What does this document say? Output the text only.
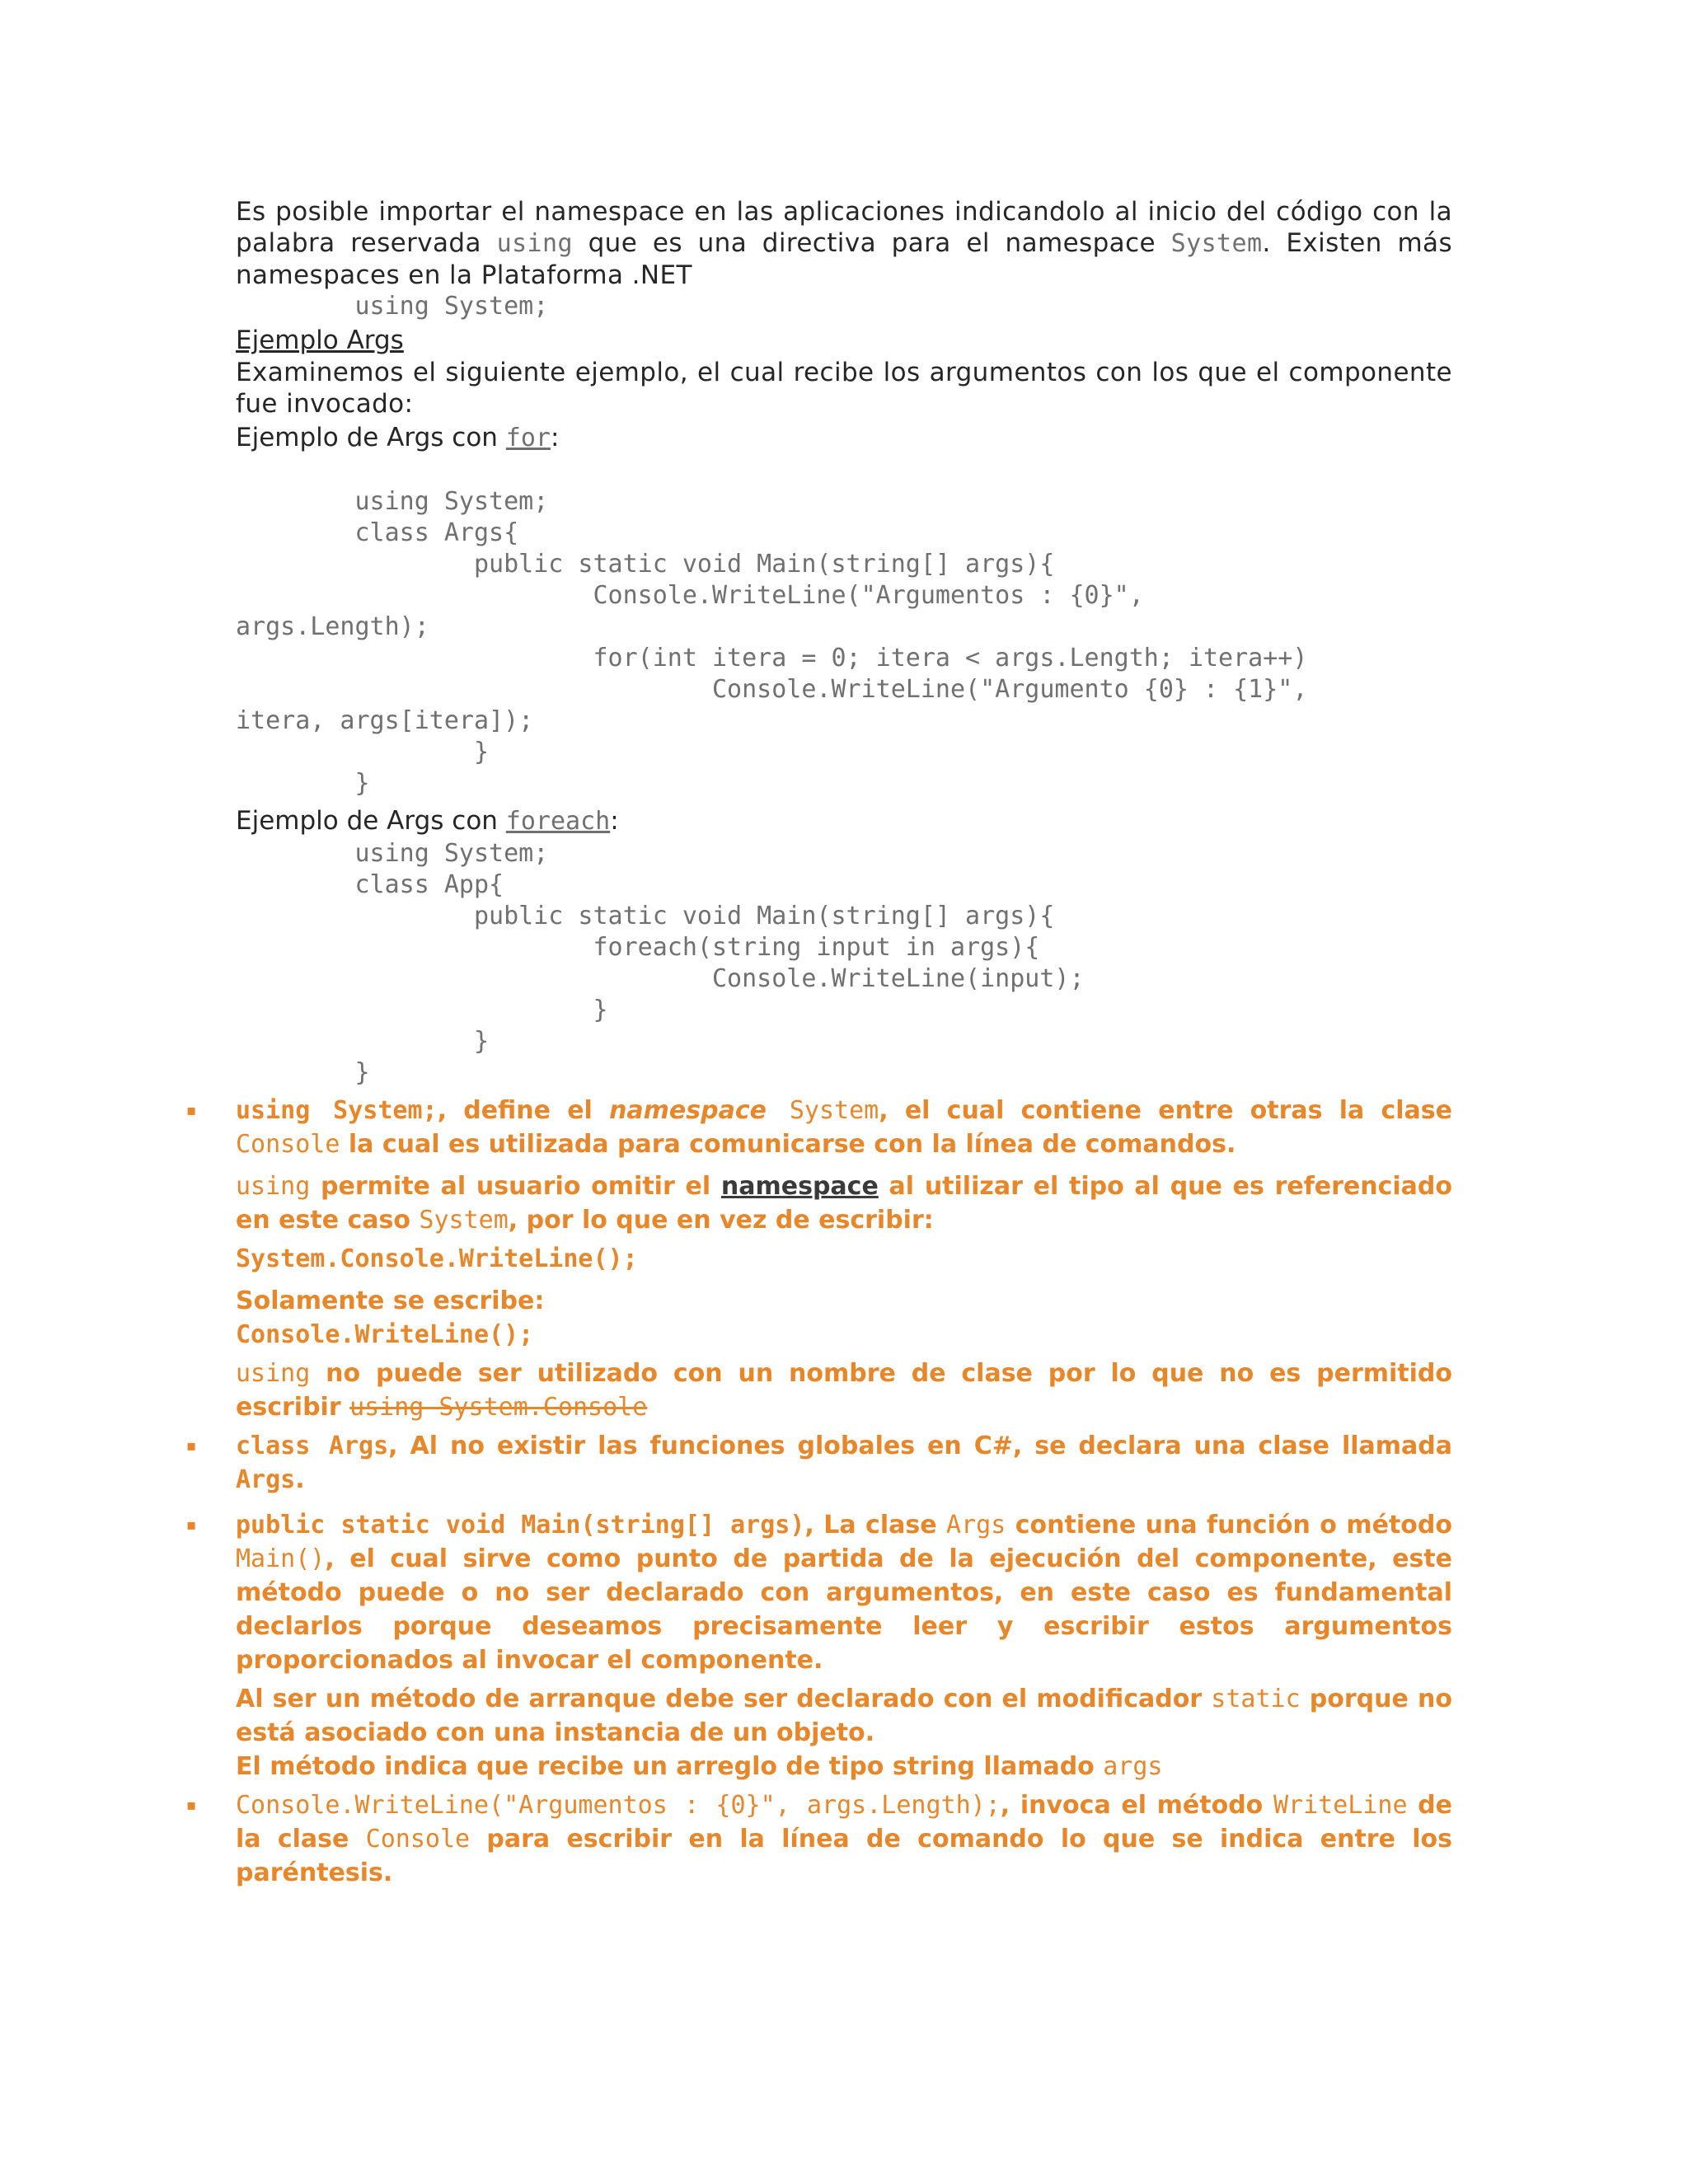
Es posible importar el namespace en las aplicaciones indicandolo al inicio del código con la palabra reservada using que es una directiva para el namespace System. Existen más namespaces en la Plataforma .NET

using System;
Ejemplo Args

Examinemos el siguiente ejemplo, el cual recibe los argumentos con los que el componente fue invocado:

Ejemplo de Args con for:

using System;
class Args{
public static void Main(string[] args){
Console.WriteLine("Argumentos : {0}",
args.Length);
for(int itera = 0; itera < args.Length; itera++)
Console.WriteLine("Argumento {0} : {1}",
itera, args[itera]);
}
}
Ejemplo de Args con foreach:
using System;
class App{
public static void Main(string[] args){
foreach(string input in args){
Console.WriteLine(input);
}
}
}

▪ using System;, define el namespace System, el cual contiene entre otras la clase Console la cual es utilizada para comunicarse con la línea de comandos.

using permite al usuario omitir el namespace al utilizar el tipo al que es referenciado en este caso System, por lo que en vez de escribir:

System.Console.WriteLine();

Solamente se escribe:

Console.WriteLine();

using no puede ser utilizado con un nombre de clase por lo que no es permitido escribir using System.Console

▪ class Args, Al no existir las funciones globales en C#, se declara una clase llamada Args.

▪ public static void Main(string[] args), La clase Args contiene una función o método Main(), el cual sirve como punto de partida de la ejecución del componente, este método puede o no ser declarado con argumentos, en este caso es fundamental declarlos porque deseamos precisamente leer y escribir estos argumentos proporcionados al invocar el componente.

Al ser un método de arranque debe ser declarado con el modificador static porque no está asociado con una instancia de un objeto.

El método indica que recibe un arreglo de tipo string llamado args

▪ Console.WriteLine("Argumentos : {0}", args.Length);, invoca el método WriteLine de la clase Console para escribir en la línea de comando lo que se indica entre los paréntesis.
